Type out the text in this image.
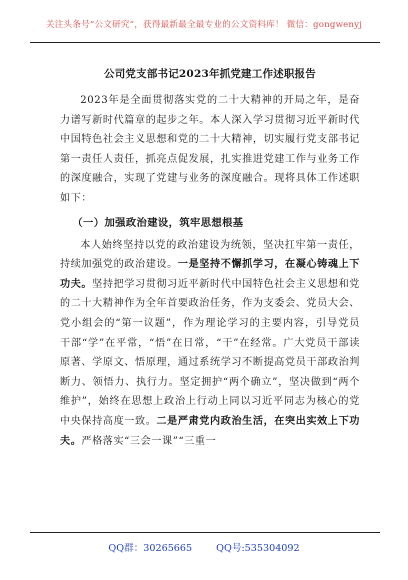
关注头条号“公文研究”，获得最新最全最专业的公文资料库！ 微信：gongwenyj
公司党支部书记2023年抓党建工作述职报告

2023年是全面贯彻落实党的二十大精神的开局之年，是奋力谱写新时代篇章的起步之年。本人深入学习贯彻习近平新时代中国特色社会主义思想和党的二十大精神，切实履行党支部书记第一责任人责任，抓亮点促发展，扎实推进党建工作与业务工作的深度融合，实现了党建与业务的深度融合。现将具体工作述职如下：

（一）加强政治建设，筑牢思想根基

本人始终坚持以党的政治建设为统领，坚决扛牢第一责任，持续加强党的政治建设。一是坚持不懈抓学习，在凝心铸魂上下功夫。坚持把学习贯彻习近平新时代中国特色社会主义思想和党的二十大精神作为全年首要政治任务，作为支委会、党员大会、党小组会的“第一议题”，作为理论学习的主要内容，引导党员干部“学”在平常，“悟”在日常，“干”在经常。广大党员干部读原著、学原文、悟原理，通过系统学习不断提高党员干部政治判断力、领悟力、执行力。坚定拥护“两个确立”，坚决做到“两个维护”，始终在思想上政治上行动上同以习近平同志为核心的党中央保持高度一致。二是严肃党内政治生活，在突出实效上下功夫。严格落实“三会一课”“三重一

QQ群：30265665	QQ号:535304092
